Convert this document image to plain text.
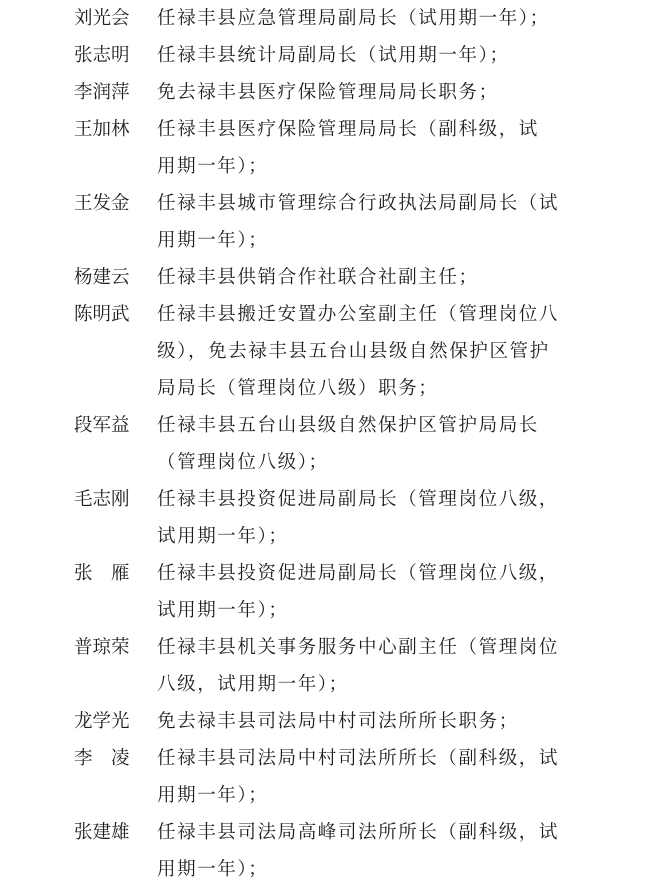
刘光会 任禄丰县应急管理局副局长（试用期一年）；

张志明 任禄丰县统计局副局长（试用期一年）；

李润萍 免去禄丰县医疗保险管理局局长职务；

王加林 任禄丰县医疗保险管理局局长（副科级，试
用期一年）；

王发金 任禄丰县城市管理综合行政执法局副局长（试
用期一年）；

杨建云 任禄丰县供销合作社联合社副主任；

陈明武 任禄丰县搬迁安置办公室副主任（管理岗位八
级），免去禄丰县五台山县级自然保护区管护
局局长（管理岗位八级）职务；

段军益 任禄丰县五台山县级自然保护区管护局局长
（管理岗位八级）；

毛志刚 任禄丰县投资促进局副局长（管理岗位八级，
试用期一年）；

张　雁 任禄丰县投资促进局副局长（管理岗位八级，
试用期一年）；

普琼荣 任禄丰县机关事务服务中心副主任（管理岗位
八级，试用期一年）；

龙学光 免去禄丰县司法局中村司法所所长职务；

李　凌 任禄丰县司法局中村司法所所长（副科级，试
用期一年）；

张建雄 任禄丰县司法局高峰司法所所长（副科级，试
用期一年）；
